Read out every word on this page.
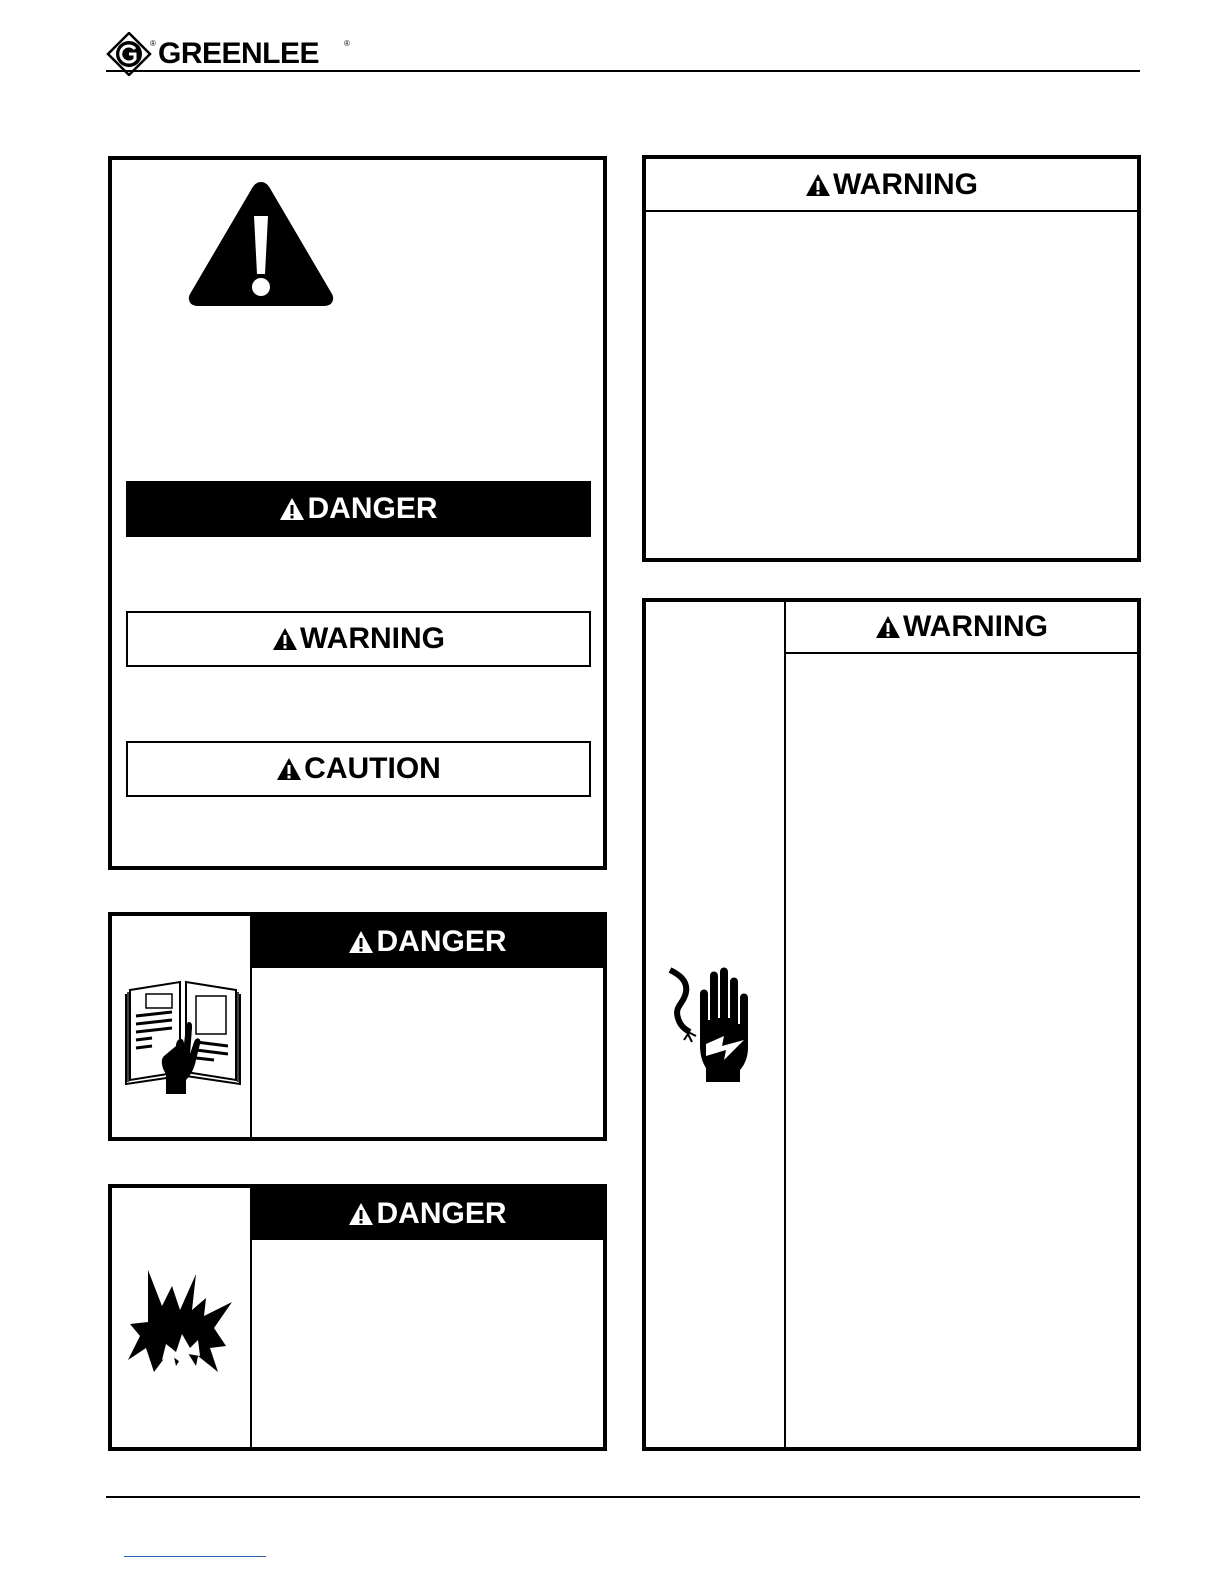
® GREENLEE	®
DANGER
WARNING
CAUTION
DANGER
DANGER
WARNING
WARNING
